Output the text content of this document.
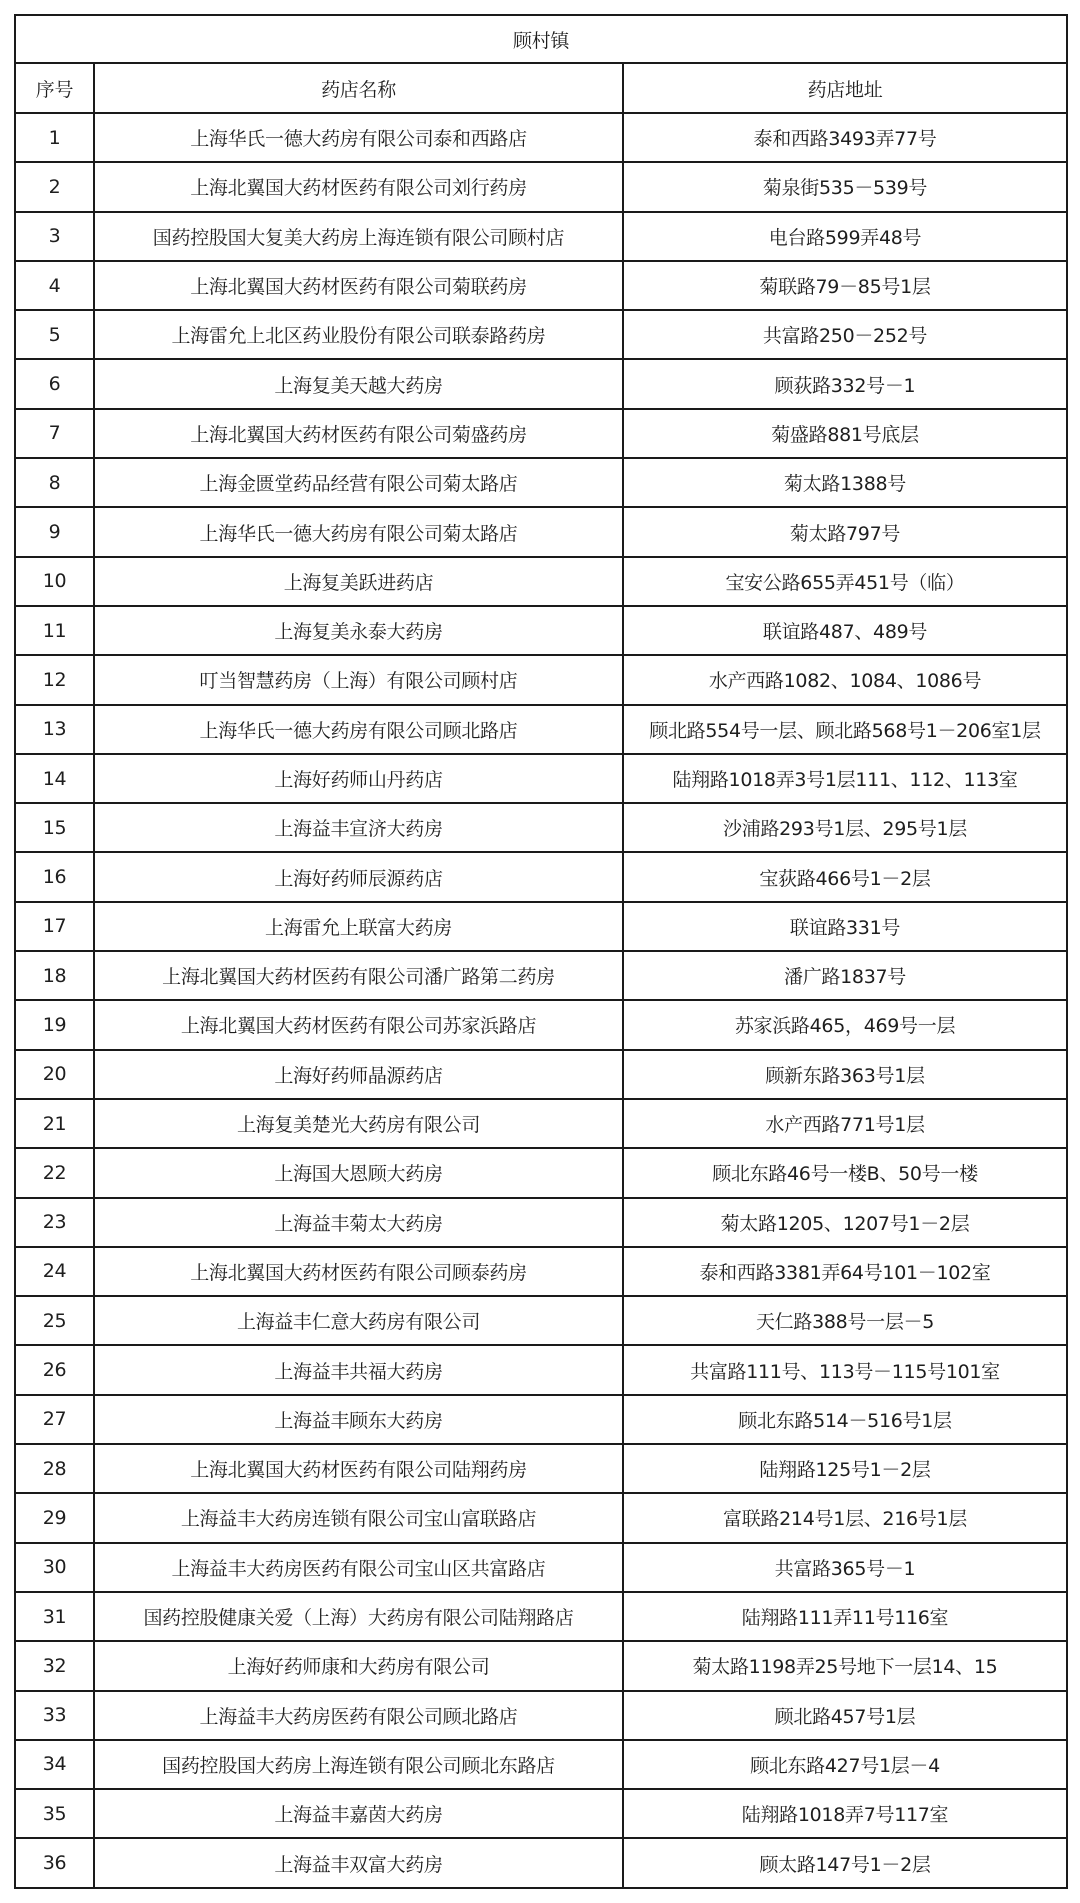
顾村镇		
序号	药店名称	药店地址
1	上海华氏一德大药房有限公司泰和西路店	泰和西路3493弄77号
2	上海北翼国大药材医药有限公司刘行药房	菊泉街535－539号
3	国药控股国大复美大药房上海连锁有限公司顾村店	电台路599弄48号
4	上海北翼国大药材医药有限公司菊联药房	菊联路79－85号1层
5	上海雷允上北区药业股份有限公司联泰路药房	共富路250－252号
6	上海复美天越大药房	顾荻路332号－1
7	上海北翼国大药材医药有限公司菊盛药房	菊盛路881号底层
8	上海金匮堂药品经营有限公司菊太路店	菊太路1388号
9	上海华氏一德大药房有限公司菊太路店	菊太路797号
10	上海复美跃进药店	宝安公路655弄451号（临）
11	上海复美永泰大药房	联谊路487、489号
12	叮当智慧药房（上海）有限公司顾村店	水产西路1082、1084、1086号
13	上海华氏一德大药房有限公司顾北路店	顾北路554号一层、顾北路568号1－206室1层
14	上海好药师山丹药店	陆翔路1018弄3号1层111、112、113室
15	上海益丰宣济大药房	沙浦路293号1层、295号1层
16	上海好药师辰源药店	宝荻路466号1－2层
17	上海雷允上联富大药房	联谊路331号
18	上海北翼国大药材医药有限公司潘广路第二药房	潘广路1837号
19	上海北翼国大药材医药有限公司苏家浜路店	苏家浜路465，469号一层
20	上海好药师晶源药店	顾新东路363号1层
21	上海复美楚光大药房有限公司	水产西路771号1层
22	上海国大恩顾大药房	顾北东路46号一楼B、50号一楼
23	上海益丰菊太大药房	菊太路1205、1207号1－2层
24	上海北翼国大药材医药有限公司顾泰药房	泰和西路3381弄64号101－102室
25	上海益丰仁意大药房有限公司	天仁路388号一层－5
26	上海益丰共福大药房	共富路111号、113号－115号101室
27	上海益丰顾东大药房	顾北东路514－516号1层
28	上海北翼国大药材医药有限公司陆翔药房	陆翔路125号1－2层
29	上海益丰大药房连锁有限公司宝山富联路店	富联路214号1层、216号1层
30	上海益丰大药房医药有限公司宝山区共富路店	共富路365号－1
31	国药控股健康关爱（上海）大药房有限公司陆翔路店	陆翔路111弄11号116室
32	上海好药师康和大药房有限公司	菊太路1198弄25号地下一层14、15
33	上海益丰大药房医药有限公司顾北路店	顾北路457号1层
34	国药控股国大药房上海连锁有限公司顾北东路店	顾北东路427号1层－4
35	上海益丰嘉茵大药房	陆翔路1018弄7号117室
36	上海益丰双富大药房	顾太路147号1－2层
